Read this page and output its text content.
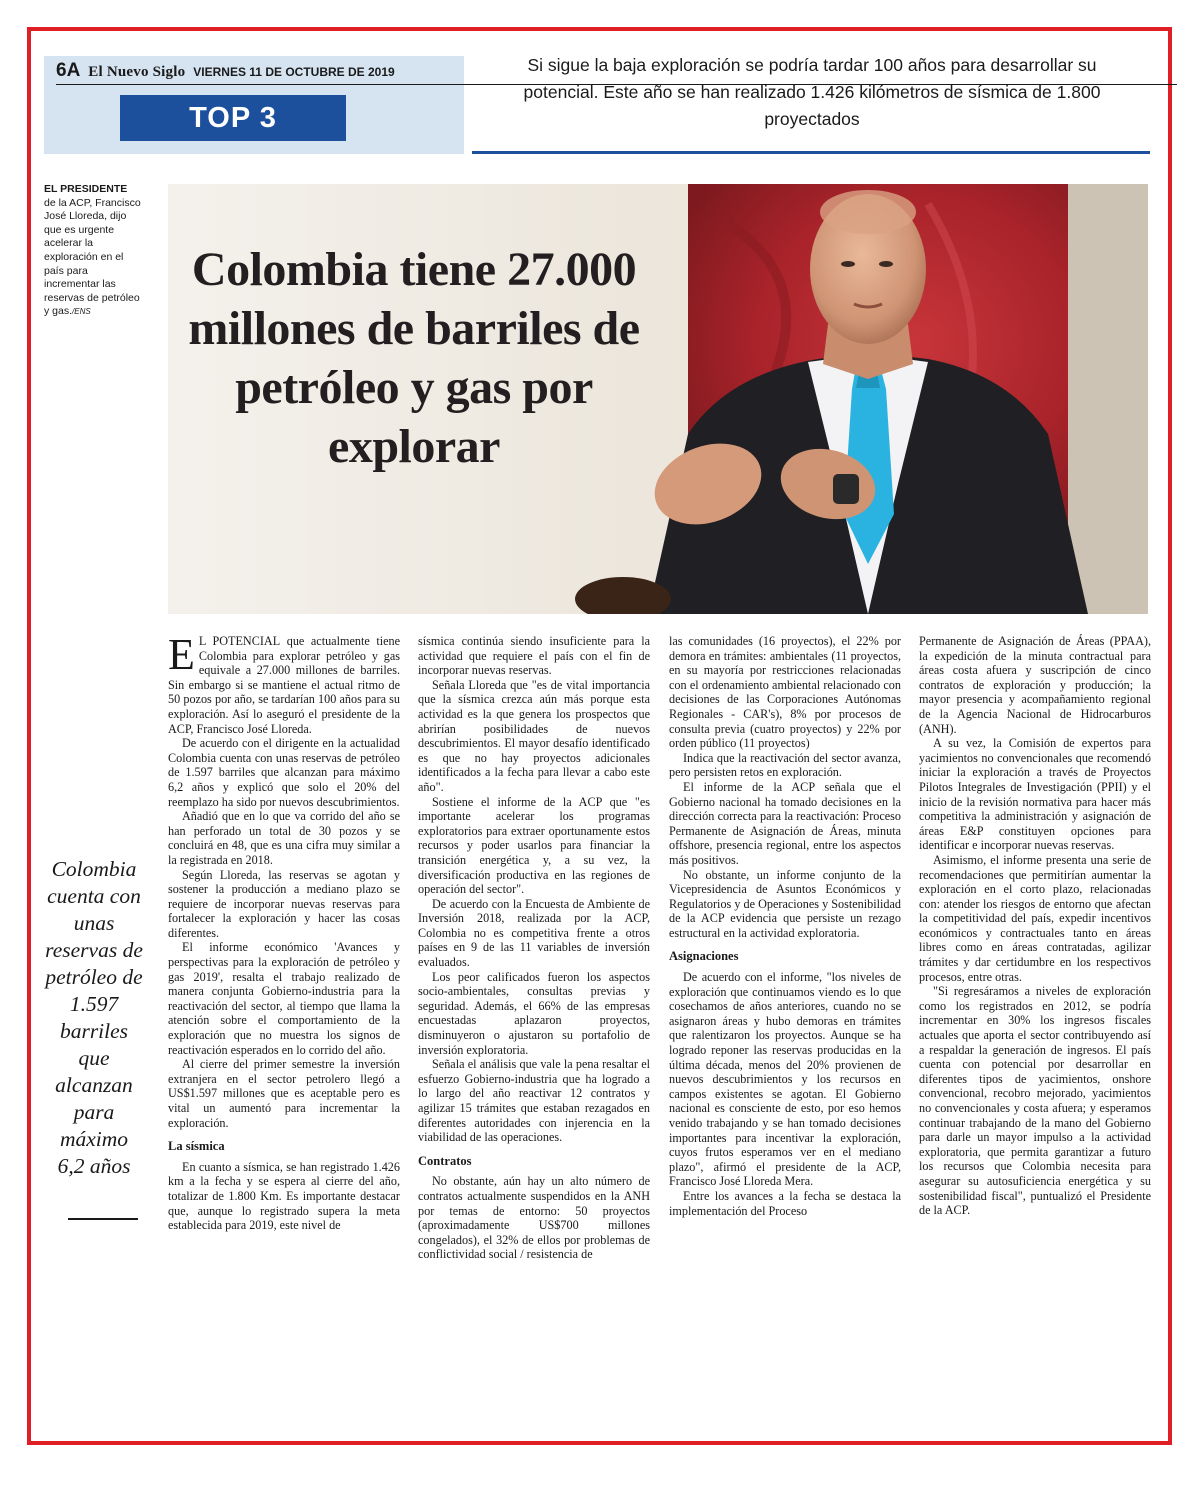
6A El Nuevo Siglo VIERNES 11 DE OCTUBRE DE 2019
TOP 3
Si sigue la baja exploración se podría tardar 100 años para desarrollar su potencial. Este año se han realizado 1.426 kilómetros de sísmica de 1.800 proyectados
EL PRESIDENTE
de la ACP, Francisco José Lloreda, dijo que es urgente acelerar la exploración en el país para incrementar las reservas de petróleo y gas./ENS
Colombia tiene 27.000 millones de barriles de petróleo y gas por explorar
Colombia cuenta con unas reservas de petróleo de 1.597 barriles que alcanzan para máximo 6,2 años

E L POTENCIAL que actualmente tiene Colombia para explorar petróleo y gas equivale a 27.000 millones de barriles. Sin embargo si se mantiene el actual ritmo de 50 pozos por año, se tardarían 100 años para su exploración. Así lo aseguró el presidente de la ACP, Francisco José Lloreda.

De acuerdo con el dirigente en la actualidad Colombia cuenta con unas reservas de petróleo de 1.597 barriles que alcanzan para máximo 6,2 años y explicó que solo el 20% del reemplazo ha sido por nuevos descubrimientos.

Añadió que en lo que va corrido del año se han perforado un total de 30 pozos y se concluirá en 48, que es una cifra muy similar a la registrada en 2018.

Según Lloreda, las reservas se agotan y sostener la producción a mediano plazo se requiere de incorporar nuevas reservas para fortalecer la exploración y hacer las cosas diferentes.

El informe económico 'Avances y perspectivas para la exploración de petróleo y gas 2019', resalta el trabajo realizado de manera conjunta Gobierno-industria para la reactivación del sector, al tiempo que llama la atención sobre el comportamiento de la exploración que no muestra los signos de reactivación esperados en lo corrido del año.

Al cierre del primer semestre la inversión extranjera en el sector petrolero llegó a US$1.597 millones que es aceptable pero es vital un aumentó para incrementar la exploración.

La sísmica

En cuanto a sísmica, se han registrado 1.426 km a la fecha y se espera al cierre del año, totalizar de 1.800 Km. Es importante destacar que, aunque lo registrado supera la meta establecida para 2019, este nivel de

sísmica continúa siendo insuficiente para la actividad que requiere el país con el fin de incorporar nuevas reservas.

Señala Lloreda que "es de vital importancia que la sísmica crezca aún más porque esta actividad es la que genera los prospectos que abrirían posibilidades de nuevos descubrimientos. El mayor desafío identificado es que no hay proyectos adicionales identificados a la fecha para llevar a cabo este año".

Sostiene el informe de la ACP que "es importante acelerar los programas exploratorios para extraer oportunamente estos recursos y poder usarlos para financiar la transición energética y, a su vez, la diversificación productiva en las regiones de operación del sector".

De acuerdo con la Encuesta de Ambiente de Inversión 2018, realizada por la ACP, Colombia no es competitiva frente a otros países en 9 de las 11 variables de inversión evaluados.

Los peor calificados fueron los aspectos socio-ambientales, consultas previas y seguridad. Además, el 66% de las empresas encuestadas aplazaron proyectos, disminuyeron o ajustaron su portafolio de inversión exploratoria.

Señala el análisis que vale la pena resaltar el esfuerzo Gobierno-industria que ha logrado a lo largo del año reactivar 12 contratos y agilizar 15 trámites que estaban rezagados en diferentes autoridades con injerencia en la viabilidad de las operaciones.

Contratos

No obstante, aún hay un alto número de contratos actualmente suspendidos en la ANH por temas de entorno: 50 proyectos (aproximadamente US$700 millones congelados), el 32% de ellos por problemas de conflictividad social / resistencia de

las comunidades (16 proyectos), el 22% por demora en trámites: ambientales (11 proyectos, en su mayoría por restricciones relacionadas con el ordenamiento ambiental relacionado con decisiones de las Corporaciones Autónomas Regionales - CAR's), 8% por procesos de consulta previa (cuatro proyectos) y 22% por orden público (11 proyectos)

Indica que la reactivación del sector avanza, pero persisten retos en exploración.

El informe de la ACP señala que el Gobierno nacional ha tomado decisiones en la dirección correcta para la reactivación: Proceso Permanente de Asignación de Áreas, minuta offshore, presencia regional, entre los aspectos más positivos.

No obstante, un informe conjunto de la Vicepresidencia de Asuntos Económicos y Regulatorios y de Operaciones y Sostenibilidad de la ACP evidencia que persiste un rezago estructural en la actividad exploratoria.

Asignaciones

De acuerdo con el informe, "los niveles de exploración que continuamos viendo es lo que cosechamos de años anteriores, cuando no se asignaron áreas y hubo demoras en trámites que ralentizaron los proyectos. Aunque se ha logrado reponer las reservas producidas en la última década, menos del 20% provienen de nuevos descubrimientos y los recursos en campos existentes se agotan. El Gobierno nacional es consciente de esto, por eso hemos venido trabajando y se han tomado decisiones importantes para incentivar la exploración, cuyos frutos esperamos ver en el mediano plazo", afirmó el presidente de la ACP, Francisco José Lloreda Mera.

Entre los avances a la fecha se destaca la implementación del Proceso

Permanente de Asignación de Áreas (PPAA), la expedición de la minuta contractual para áreas costa afuera y suscripción de cinco contratos de exploración y producción; la mayor presencia y acompañamiento regional de la Agencia Nacional de Hidrocarburos (ANH).

A su vez, la Comisión de expertos para yacimientos no convencionales que recomendó iniciar la exploración a través de Proyectos Pilotos Integrales de Investigación (PPII) y el inicio de la revisión normativa para hacer más competitiva la administración y asignación de áreas E&P constituyen opciones para identificar e incorporar nuevas reservas.

Asimismo, el informe presenta una serie de recomendaciones que permitirían aumentar la exploración en el corto plazo, relacionadas con: atender los riesgos de entorno que afectan la competitividad del país, expedir incentivos económicos y contractuales tanto en áreas libres como en áreas contratadas, agilizar trámites y dar certidumbre en los respectivos procesos, entre otras.

"Si regresáramos a niveles de exploración como los registrados en 2012, se podría incrementar en 30% los ingresos fiscales actuales que aporta el sector contribuyendo así a respaldar la generación de ingresos. El país cuenta con potencial por desarrollar en diferentes tipos de yacimientos, onshore convencional, recobro mejorado, yacimientos no convencionales y costa afuera; y esperamos continuar trabajando de la mano del Gobierno para darle un mayor impulso a la actividad exploratoria, que permita garantizar a futuro los recursos que Colombia necesita para asegurar su autosuficiencia energética y su sostenibilidad fiscal", puntualizó el Presidente de la ACP.
